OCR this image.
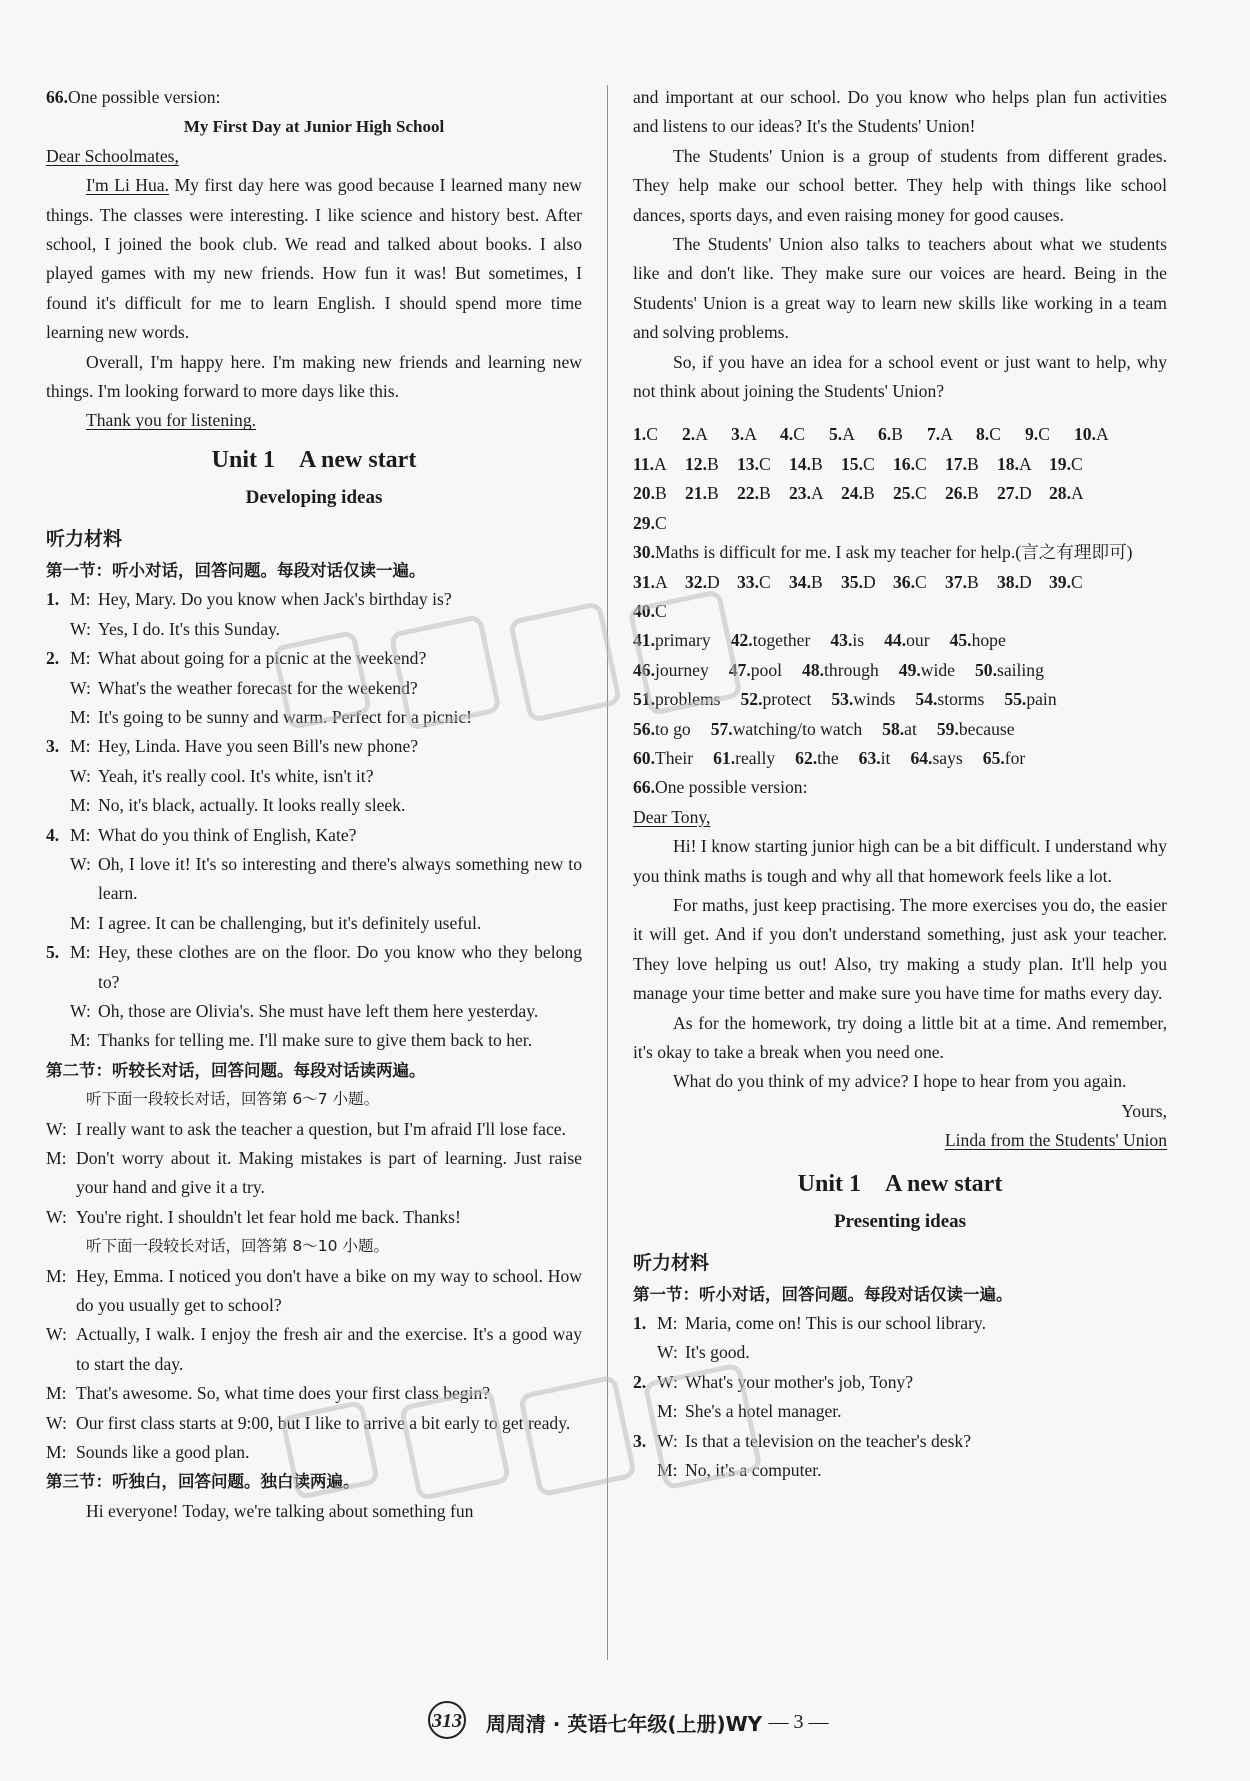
66.One possible version:

My First Day at Junior High School

Dear Schoolmates,

I'm Li Hua. My first day here was good because I learned many new things. The classes were interesting. I like science and history best. After school, I joined the book club. We read and talked about books. I also played games with my new friends. How fun it was! But sometimes, I found it's difficult for me to learn English. I should spend more time learning new words.

Overall, I'm happy here. I'm making new friends and learning new things. I'm looking forward to more days like this.

Thank you for listening.

Unit 1　A new start

Developing ideas

听力材料

第一节：听小对话，回答问题。每段对话仅读一遍。

1. M: Hey, Mary. Do you know when Jack's birthday is?
W: Yes, I do. It's this Sunday.
2. M: What about going for a picnic at the weekend?
W: What's the weather forecast for the weekend?
M: It's going to be sunny and warm. Perfect for a picnic!
3. M: Hey, Linda. Have you seen Bill's new phone?
W: Yeah, it's really cool. It's white, isn't it?
M: No, it's black, actually. It looks really sleek.
4. M: What do you think of English, Kate?
W: Oh, I love it! It's so interesting and there's always something new to learn.
M: I agree. It can be challenging, but it's definitely useful.
5. M: Hey, these clothes are on the floor. Do you know who they belong to?
W: Oh, those are Olivia's. She must have left them here yesterday.
M: Thanks for telling me. I'll make sure to give them back to her.

第二节：听较长对话，回答问题。每段对话读两遍。

听下面一段较长对话，回答第 6～7 小题。

W: I really want to ask the teacher a question, but I'm afraid I'll lose face.
M: Don't worry about it. Making mistakes is part of learning. Just raise your hand and give it a try.
W: You're right. I shouldn't let fear hold me back. Thanks!

听下面一段较长对话，回答第 8～10 小题。

M: Hey, Emma. I noticed you don't have a bike on my way to school. How do you usually get to school?
W: Actually, I walk. I enjoy the fresh air and the exercise. It's a good way to start the day.
M: That's awesome. So, what time does your first class begin?
W: Our first class starts at 9:00, but I like to arrive a bit early to get ready.
M: Sounds like a good plan.

第三节：听独白，回答问题。独白读两遍。

Hi everyone! Today, we're talking about something fun

and important at our school. Do you know who helps plan fun activities and listens to our ideas? It's the Students' Union!

The Students' Union is a group of students from different grades. They help make our school better. They help with things like school dances, sports days, and even raising money for good causes.

The Students' Union also talks to teachers about what we students like and don't like. They make sure our voices are heard. Being in the Students' Union is a great way to learn new skills like working in a team and solving problems.

So, if you have an idea for a school event or just want to help, why not think about joining the Students' Union?

1.C	2.A	3.A	4.C	5.A	6.B	7.A	8.C	9.C	10.A
11.A	12.B	13.C	14.B	15.C	16.C	17.B	18.A 19.C
20.B	21.B	22.B	23.A 24.B	25.C	26.B	27.D 28.A
29.C

30.Maths is difficult for me. I ask my teacher for help.(言之有理即可)

31.A 32.D 33.C	34.B	35.D 36.C	37.B	38.D 39.C
40.C
41.primary 42.together 43.is 44.our 45.hope
46.journey 47.pool 48.through 49.wide 50.sailing
51.problems 52.protect 53.winds 54.storms 55.pain
56.to go 57.watching/to watch 58.at 59.because
60.Their 61.really 62.the 63.it 64.says 65.for

66.One possible version:

Dear Tony,

Hi! I know starting junior high can be a bit difficult. I understand why you think maths is tough and why all that homework feels like a lot.

For maths, just keep practising. The more exercises you do, the easier it will get. And if you don't understand something, just ask your teacher. They love helping us out! Also, try making a study plan. It'll help you manage your time better and make sure you have time for maths every day.

As for the homework, try doing a little bit at a time. And remember, it's okay to take a break when you need one.

What do you think of my advice? I hope to hear from you again.

Yours,

Linda from the Students' Union

Unit 1　A new start

Presenting ideas

听力材料

第一节：听小对话，回答问题。每段对话仅读一遍。

1. M: Maria, come on! This is our school library.
W: It's good.
2. W: What's your mother's job, Tony?
M: She's a hotel manager.
3. W: Is that a television on the teacher's desk?
M: No, it's a computer.
313 周周清 · 英语七年级(上册)WY — 3 —
